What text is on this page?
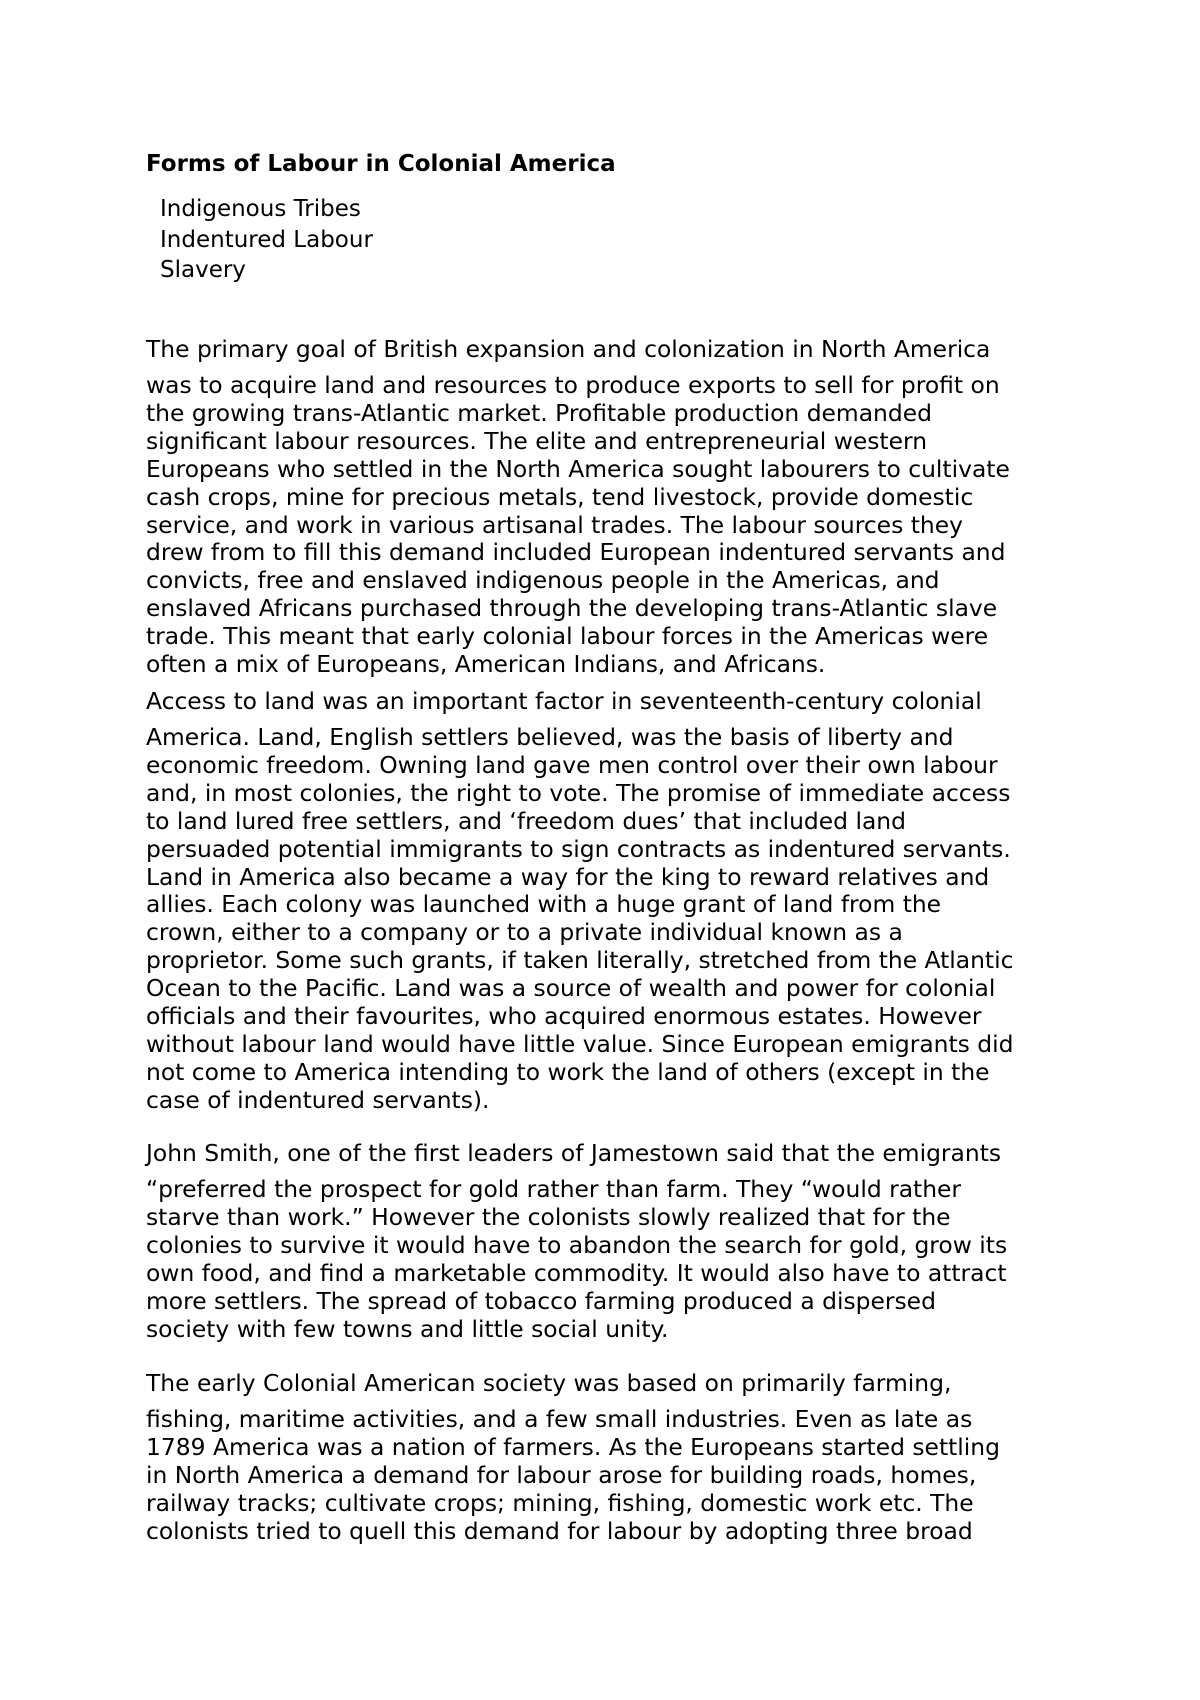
Forms of Labour in Colonial America
Indigenous Tribes
Indentured Labour
Slavery
The primary goal of British expansion and colonization in North America
was to acquire land and resources to produce exports to sell for profit on
the growing trans-Atlantic market. Profitable production demanded
significant labour resources. The elite and entrepreneurial western
Europeans who settled in the North America sought labourers to cultivate
cash crops, mine for precious metals, tend livestock, provide domestic
service, and work in various artisanal trades. The labour sources they
drew from to fill this demand included European indentured servants and
convicts, free and enslaved indigenous people in the Americas, and
enslaved Africans purchased through the developing trans-Atlantic slave
trade. This meant that early colonial labour forces in the Americas were
often a mix of Europeans, American Indians, and Africans.
Access to land was an important factor in seventeenth-century colonial
America. Land, English settlers believed, was the basis of liberty and
economic freedom. Owning land gave men control over their own labour
and, in most colonies, the right to vote. The promise of immediate access
to land lured free settlers, and ‘freedom dues’ that included land
persuaded potential immigrants to sign contracts as indentured servants.
Land in America also became a way for the king to reward relatives and
allies. Each colony was launched with a huge grant of land from the
crown, either to a company or to a private individual known as a
proprietor. Some such grants, if taken literally, stretched from the Atlantic
Ocean to the Pacific. Land was a source of wealth and power for colonial
officials and their favourites, who acquired enormous estates. However
without labour land would have little value. Since European emigrants did
not come to America intending to work the land of others (except in the
case of indentured servants).
John Smith, one of the first leaders of Jamestown said that the emigrants
“preferred the prospect for gold rather than farm. They “would rather
starve than work.” However the colonists slowly realized that for the
colonies to survive it would have to abandon the search for gold, grow its
own food, and find a marketable commodity. It would also have to attract
more settlers. The spread of tobacco farming produced a dispersed
society with few towns and little social unity.
The early Colonial American society was based on primarily farming,
fishing, maritime activities, and a few small industries. Even as late as
1789 America was a nation of farmers. As the Europeans started settling
in North America a demand for labour arose for building roads, homes,
railway tracks; cultivate crops; mining, fishing, domestic work etc. The
colonists tried to quell this demand for labour by adopting three broad
